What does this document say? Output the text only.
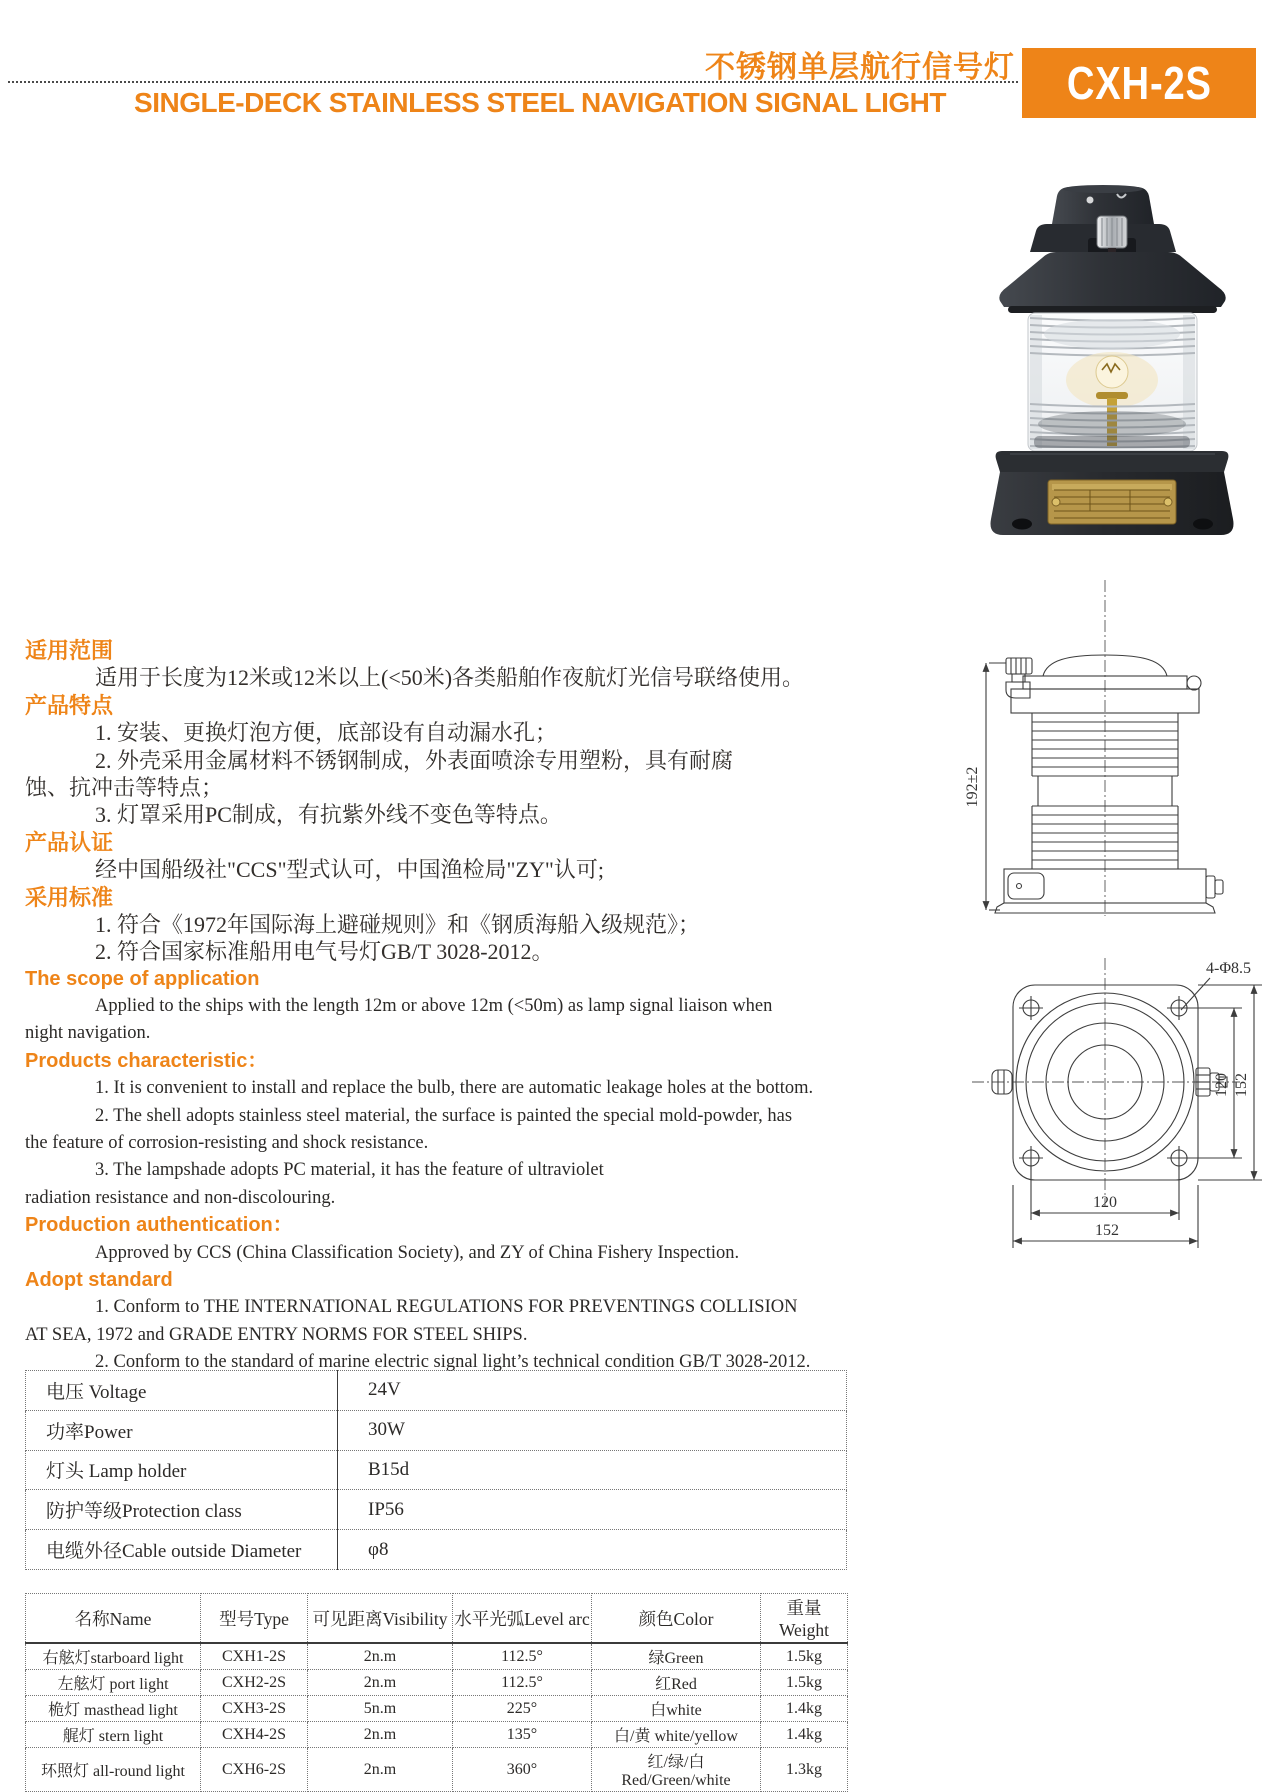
不锈钢单层航行信号灯
SINGLE-DECK STAINLESS STEEL NAVIGATION SIGNAL LIGHT	CXH-2S
适用范围
适用于长度为12米或12米以上(<50米)各类船舶作夜航灯光信号联络使用。
产品特点
1. 安装、更换灯泡方便，底部设有自动漏水孔；
2. 外壳采用金属材料不锈钢制成，外表面喷涂专用塑粉，具有耐腐
蚀、抗冲击等特点；
3. 灯罩采用PC制成，有抗紫外线不变色等特点。
产品认证
经中国船级社"CCS"型式认可，中国渔检局"ZY"认可;
采用标准
1. 符合《1972年国际海上避碰规则》和《钢质海船入级规范》；
2. 符合国家标准船用电气号灯GB/T 3028-2012。
The scope of application
Applied to the ships with the length 12m or above 12m (<50m) as lamp signal liaison when
night navigation.
Products characteristic：
1. It is convenient to install and replace the bulb, there are automatic leakage holes at the bottom.
2. The shell adopts stainless steel material, the surface is painted the special mold-powder, has
the feature of corrosion-resisting and shock resistance.
3. The lampshade adopts PC material, it has the feature of ultraviolet
radiation resistance and non-discolouring.
Production authentication：
Approved by CCS (China Classification Society), and ZY of China Fishery Inspection.
Adopt standard
1. Conform to THE INTERNATIONAL REGULATIONS FOR PREVENTINGS COLLISION
AT SEA, 1972 and GRADE ENTRY NORMS FOR STEEL SHIPS.
2. Conform to the standard of marine electric signal light’s technical condition GB/T 3028-2012.
192±2
4-Φ8.5
120 152
120
152
电压 Voltage	24V
功率Power	30W
灯头 Lamp holder	B15d
防护等级Protection class	IP56
电缆外径Cable outside Diameter	φ8
名称Name	型号Type	可见距离Visibility	水平光弧Level arc	颜色Color	重量Weight
右舷灯starboard light	CXH1-2S	2n.m	112.5°	绿Green	1.5kg
左舷灯 port light	CXH2-2S	2n.m	112.5°	红Red	1.5kg
桅灯 masthead light	CXH3-2S	5n.m	225°	白white	1.4kg
艉灯 stern light	CXH4-2S	2n.m	135°	白/黄 white/yellow	1.4kg
环照灯 all-round light	CXH6-2S	2n.m	360°	红/绿/白 Red/Green/white	1.3kg
